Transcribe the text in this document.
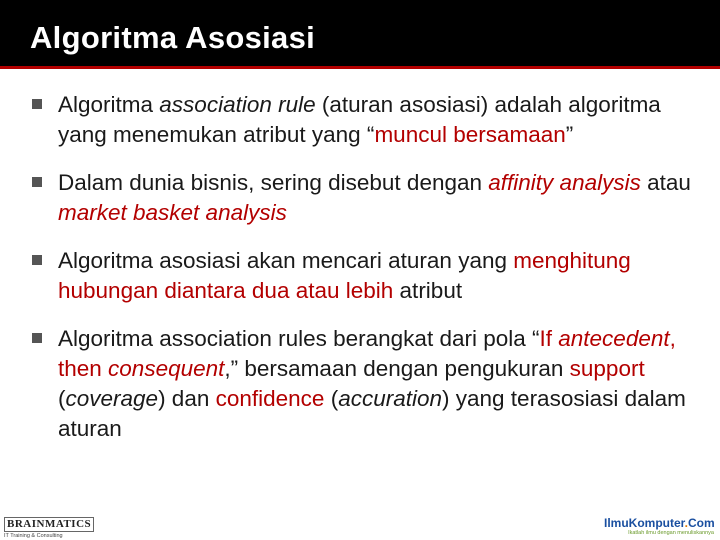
Algoritma Asosiasi
Algoritma association rule (aturan asosiasi) adalah algoritma yang menemukan atribut yang “muncul bersamaan”
Dalam dunia bisnis, sering disebut dengan affinity analysis atau market basket analysis
Algoritma asosiasi akan mencari aturan yang menghitung hubungan diantara dua atau lebih atribut
Algoritma association rules berangkat dari pola “If antecedent, then consequent,” bersamaan dengan pengukuran support (coverage) dan confidence (accuration) yang terasosiasi dalam aturan
BRAINMATICS
IT Training & Consulting
IlmuKomputer.Com
Ikatlah ilmu dengan menuliskannya
